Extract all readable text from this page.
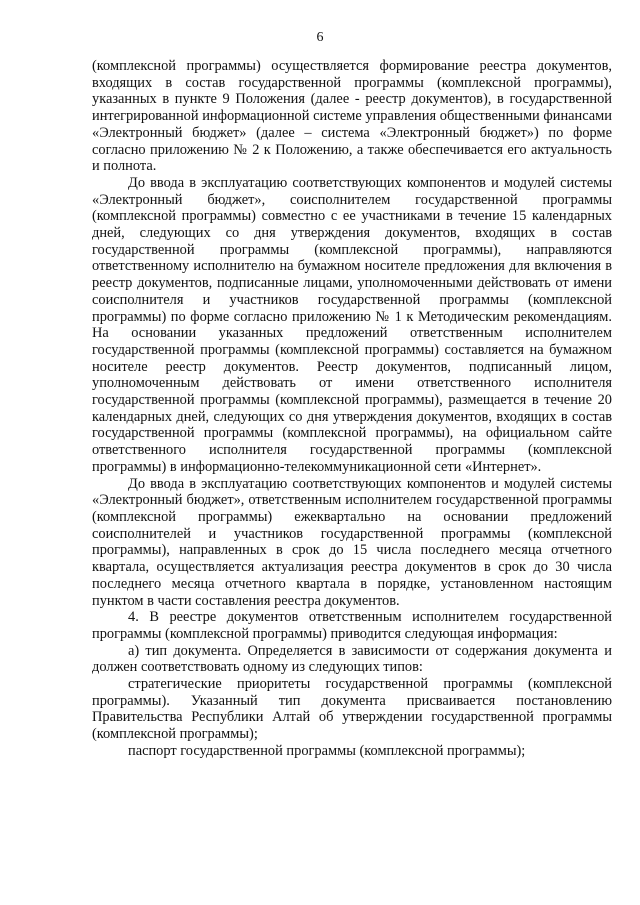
6

(комплексной программы) осуществляется формирование реестра документов, входящих в состав государственной программы (комплексной программы), указанных в пункте 9 Положения (далее - реестр документов), в государственной интегрированной информационной системе управления общественными финансами «Электронный бюджет» (далее – система «Электронный бюджет») по форме согласно приложению № 2 к Положению, а также обеспечивается его актуальность и полнота.

До ввода в эксплуатацию соответствующих компонентов и модулей системы «Электронный бюджет», соисполнителем государственной программы (комплексной программы) совместно с ее участниками в течение 15 календарных дней, следующих со дня утверждения документов, входящих в состав государственной программы (комплексной программы), направляются ответственному исполнителю на бумажном носителе предложения для включения в реестр документов, подписанные лицами, уполномоченными действовать от имени соисполнителя и участников государственной программы (комплексной программы) по форме согласно приложению № 1 к Методическим рекомендациям. На основании указанных предложений ответственным исполнителем государственной программы (комплексной программы) составляется на бумажном носителе реестр документов. Реестр документов, подписанный лицом, уполномоченным действовать от имени ответственного исполнителя государственной программы (комплексной программы), размещается в течение 20 календарных дней, следующих со дня утверждения документов, входящих в состав государственной программы (комплексной программы), на официальном сайте ответственного исполнителя государственной программы (комплексной программы) в информационно-телекоммуникационной сети «Интернет».

До ввода в эксплуатацию соответствующих компонентов и модулей системы «Электронный бюджет», ответственным исполнителем государственной программы (комплексной программы) ежеквартально на основании предложений соисполнителей и участников государственной программы (комплексной программы), направленных в срок до 15 числа последнего месяца отчетного квартала, осуществляется актуализация реестра документов в срок до 30 числа последнего месяца отчетного квартала в порядке, установленном настоящим пунктом в части составления реестра документов.

4. В реестре документов ответственным исполнителем государственной программы (комплексной программы) приводится следующая информация:

а) тип документа. Определяется в зависимости от содержания документа и должен соответствовать одному из следующих типов:

стратегические приоритеты государственной программы (комплексной программы). Указанный тип документа присваивается постановлению Правительства Республики Алтай об утверждении государственной программы (комплексной программы);

паспорт государственной программы (комплексной программы);
